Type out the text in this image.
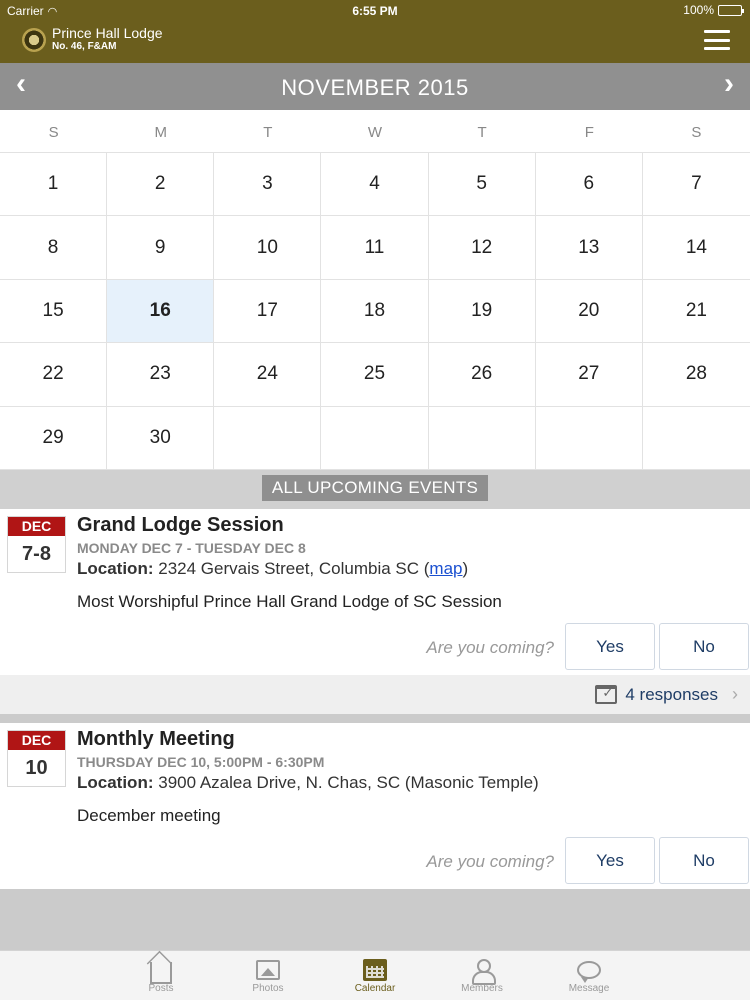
Carrier ◠	6:55 PM	100%
Prince Hall Lodge
No. 46, F&AM
‹	NOVEMBER 2015	›
S	M	T	W	T	F	S
1	2	3	4	5	6	7
8	9	10	11	12	13	14
15	16	17	18	19	20	21
22	23	24	25	26	27	28
29	30
ALL UPCOMING EVENTS
DEC
7-8
Grand Lodge Session
MONDAY DEC 7 - TUESDAY DEC 8
Location: 2324 Gervais Street, Columbia SC (map)
Most Worshipful Prince Hall Grand Lodge of SC Session
Are you coming?	Yes	No
✓
4 responses ›
DEC
10
Monthly Meeting
THURSDAY DEC 10, 5:00PM - 6:30PM
Location: 3900 Azalea Drive, N. Chas, SC (Masonic Temple)
December meeting
Are you coming?	Yes	No
Posts	Photos	Calendar	Members	Message
